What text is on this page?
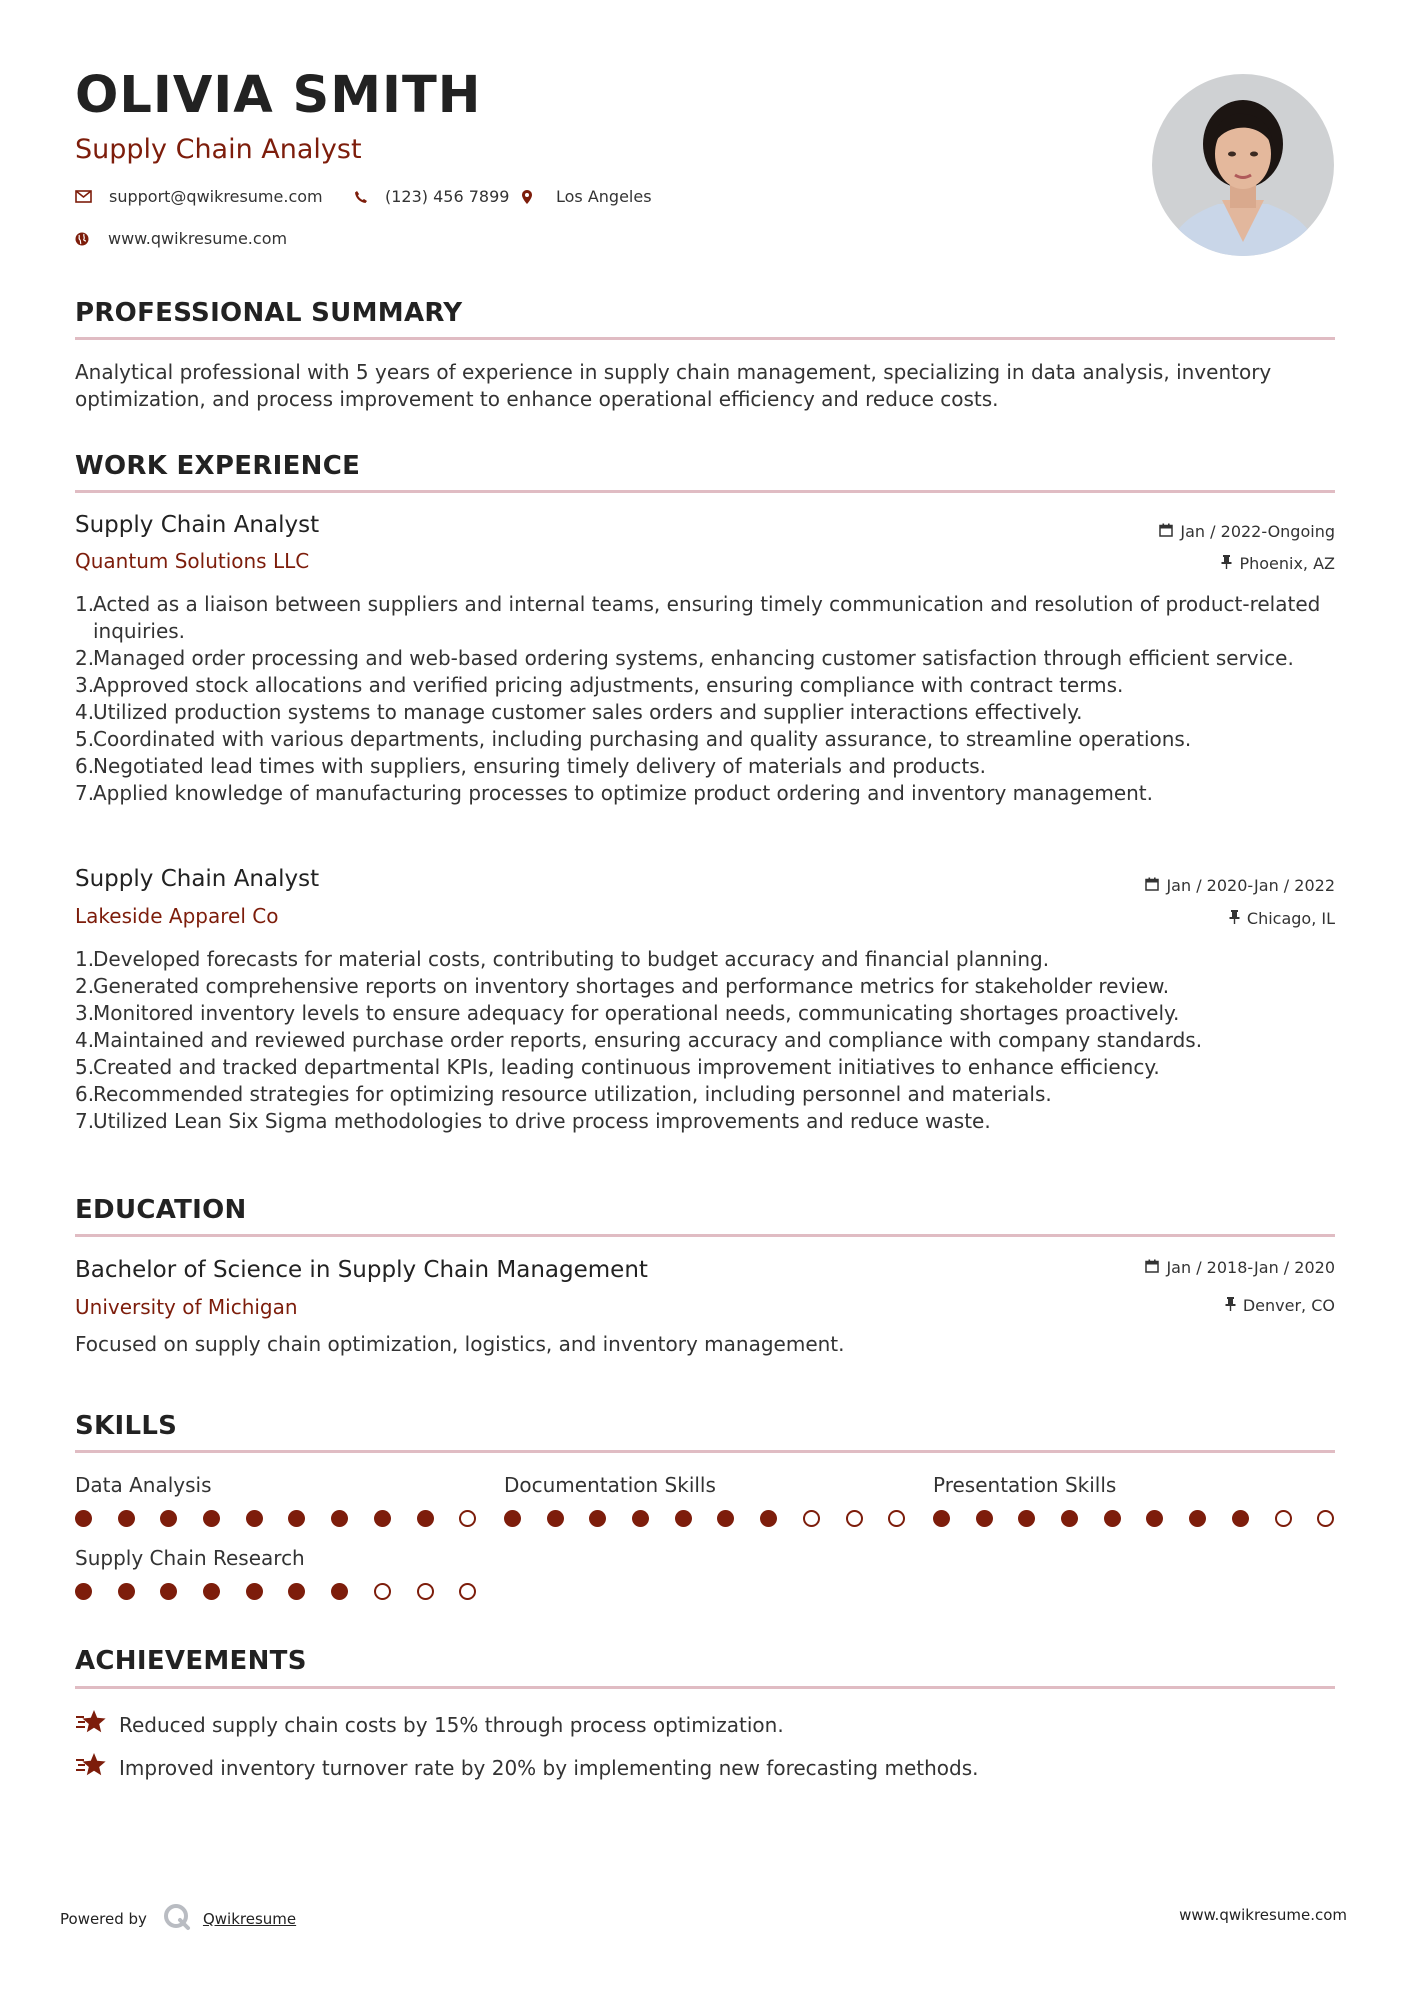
OLIVIA SMITH
Supply Chain Analyst
support@qwikresume.com	(123) 456 7899	Los Angeles
www.qwikresume.com
PROFESSIONAL SUMMARY
Analytical professional with 5 years of experience in supply chain management, specializing in data analysis, inventory optimization, and process improvement to enhance operational efficiency and reduce costs.
WORK EXPERIENCE
Supply Chain Analyst
Quantum Solutions LLC
Jan / 2022-Ongoing
Phoenix, AZ
1.
Acted as a liaison between suppliers and internal teams, ensuring timely communication and resolution of product-related inquiries.
2.
Managed order processing and web-based ordering systems, enhancing customer satisfaction through efficient service.
3.
Approved stock allocations and verified pricing adjustments, ensuring compliance with contract terms.
4.
Utilized production systems to manage customer sales orders and supplier interactions effectively.
5.
Coordinated with various departments, including purchasing and quality assurance, to streamline operations.
6.
Negotiated lead times with suppliers, ensuring timely delivery of materials and products.
7.
Applied knowledge of manufacturing processes to optimize product ordering and inventory management.
Supply Chain Analyst
Lakeside Apparel Co
Jan / 2020-Jan / 2022
Chicago, IL
1.
Developed forecasts for material costs, contributing to budget accuracy and financial planning.
2.
Generated comprehensive reports on inventory shortages and performance metrics for stakeholder review.
3.
Monitored inventory levels to ensure adequacy for operational needs, communicating shortages proactively.
4.
Maintained and reviewed purchase order reports, ensuring accuracy and compliance with company standards.
5.
Created and tracked departmental KPIs, leading continuous improvement initiatives to enhance efficiency.
6.
Recommended strategies for optimizing resource utilization, including personnel and materials.
7.
Utilized Lean Six Sigma methodologies to drive process improvements and reduce waste.
EDUCATION
Bachelor of Science in Supply Chain Management
University of Michigan
Jan / 2018-Jan / 2020
Denver, CO
Focused on supply chain optimization, logistics, and inventory management.
SKILLS
Data Analysis	Documentation Skills	Presentation Skills
Supply Chain Research
ACHIEVEMENTS
Reduced supply chain costs by 15% through process optimization.
Improved inventory turnover rate by 20% by implementing new forecasting methods.
Powered by	Qwikresume	www.qwikresume.com
